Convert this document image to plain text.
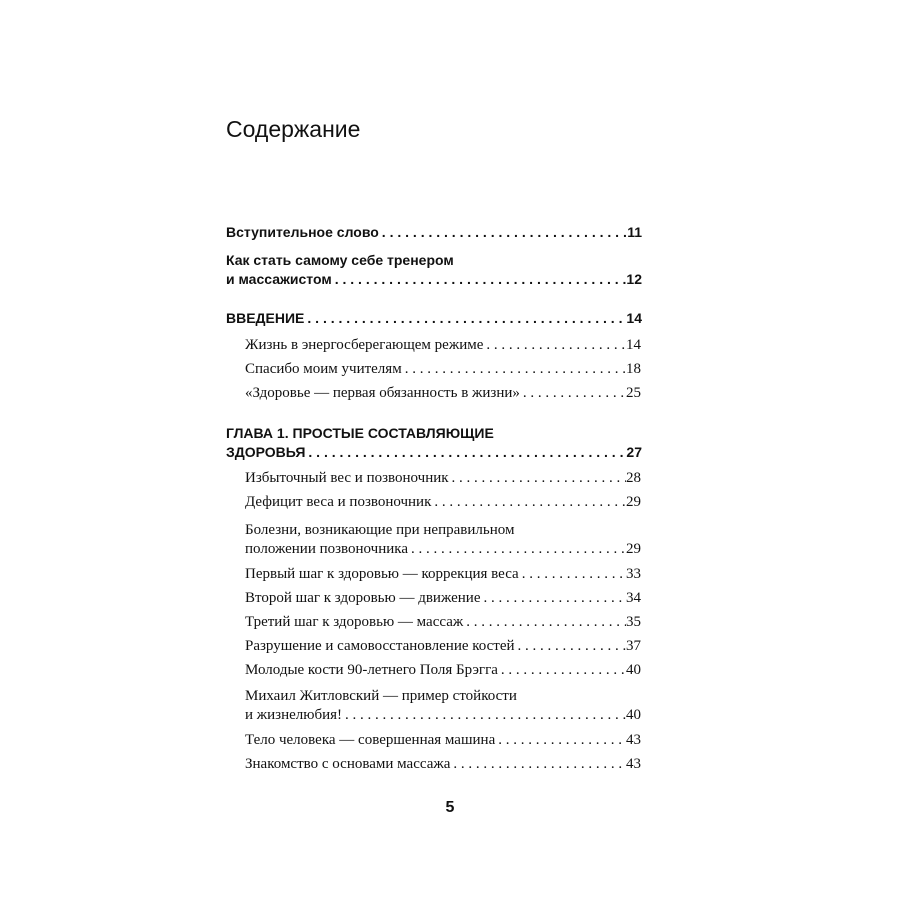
Содержание
Вступительное слово . . .	11
Как стать самому себе тренером
и массажистом . . .	12
ВВЕДЕНИЕ . . .	14
Жизнь в энергосберегающем режиме . . .	14
Спасибо моим учителям . . .	18
«Здоровье — первая обязанность в жизни» . . .	25
ГЛАВА 1. ПРОСТЫЕ СОСТАВЛЯЮЩИЕ
ЗДОРОВЬЯ . . .	27
Избыточный вес и позвоночник . . .	28
Дефицит веса и позвоночник . . .	29
Болезни, возникающие при неправильном
положении позвоночника . . .	29
Первый шаг к здоровью — коррекция веса . . .	33
Второй шаг к здоровью — движение . . .	34
Третий шаг к здоровью — массаж . . .	35
Разрушение и самовосстановление костей . . .	37
Молодые кости 90-летнего Поля Брэгга . . .	40
Михаил Житловский — пример стойкости
и жизнелюбия! . . .	40
Тело человека — совершенная машина . . .	43
Знакомство с основами массажа . . .	43
5
